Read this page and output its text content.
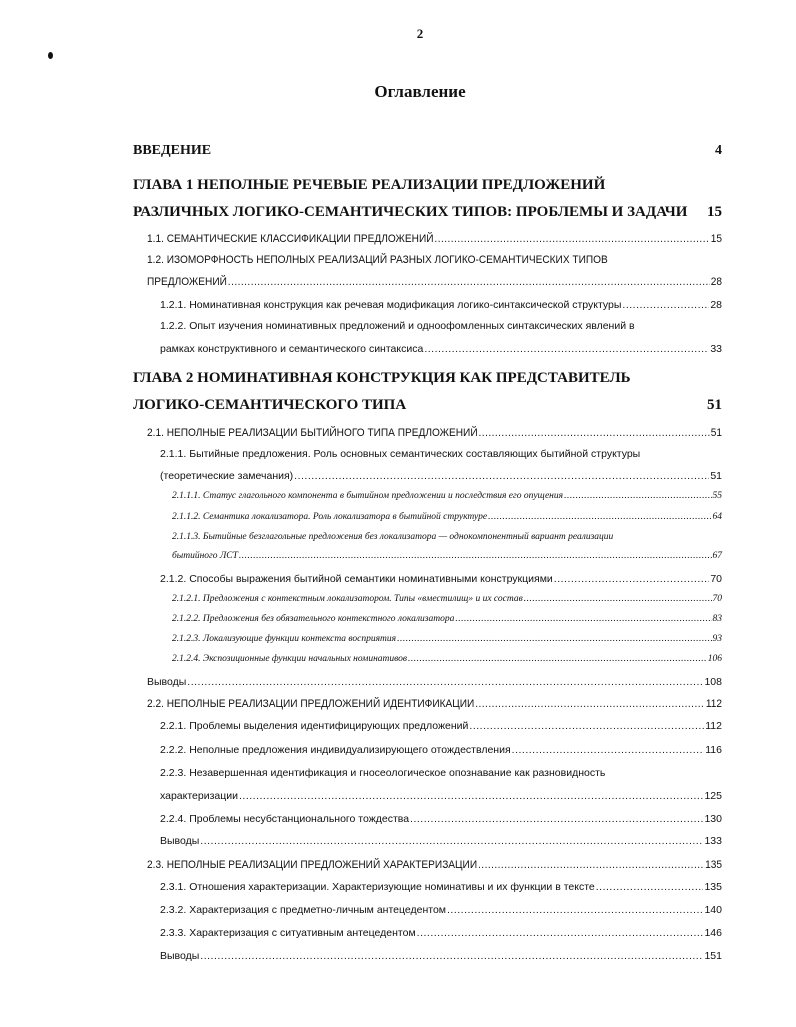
2
Оглавление
ВВЕДЕНИЕ	4
ГЛАВА 1 НЕПОЛНЫЕ РЕЧЕВЫЕ РЕАЛИЗАЦИИ ПРЕДЛОЖЕНИЙ
РАЗЛИЧНЫХ ЛОГИКО-СЕМАНТИЧЕСКИХ ТИПОВ: ПРОБЛЕМЫ И ЗАДАЧИ 15
1.1. СЕМАНТИЧЕСКИЕ КЛАССИФИКАЦИИ ПРЕДЛОЖЕНИЙ .....	15
1.2. ИЗОМОРФНОСТЬ НЕПОЛНЫХ РЕАЛИЗАЦИЙ РАЗНЫХ ЛОГИКО-СЕМАНТИЧЕСКИХ ТИПОВ
ПРЕДЛОЖЕНИЙ .....	28
1.2.1. Номинативная конструкция как речевая модификация логико-синтаксической структуры .....	28
1.2.2. Опыт изучения номинативных предложений и одноофомленных синтаксических явлений в
рамках конструктивного и семантического синтаксиса .....	33
ГЛАВА 2 НОМИНАТИВНАЯ КОНСТРУКЦИЯ КАК ПРЕДСТАВИТЕЛЬ
ЛОГИКО-СЕМАНТИЧЕСКОГО ТИПА	51
2.1. НЕПОЛНЫЕ РЕАЛИЗАЦИИ БЫТИЙНОГО ТИПА ПРЕДЛОЖЕНИЙ .....	51
2.1.1. Бытийные предложения. Роль основных семантических составляющих бытийной структуры
(теоретические замечания) .....	51
2.1.1.1. Статус глагольного компонента в бытийном предложении и последствия его опущения .....	55
2.1.1.2. Семантика локализатора. Роль локализатора в бытийной структуре .....	64
2.1.1.3. Бытийные безглагольные предложения без локализатора — однокомпонентный вариант реализации
бытийного ЛСТ .....	67
2.1.2. Способы выражения бытийной семантики номинативными конструкциями .....	70
2.1.2.1. Предложения с контекстным локализатором. Типы «вместилищ» и их состав .....	70
2.1.2.2. Предложения без обязательного контекстного локализатора .....	83
2.1.2.3. Локализующие функции контекста восприятия .....	93
2.1.2.4. Экспозиционные функции начальных номинативов .....	106
Выводы .....	108
2.2. НЕПОЛНЫЕ РЕАЛИЗАЦИИ ПРЕДЛОЖЕНИЙ ИДЕНТИФИКАЦИИ .....	112
2.2.1. Проблемы выделения идентифицирующих предложений .....	112
2.2.2. Неполные предложения индивидуализирующего отождествления .....	116
2.2.3. Незавершенная идентификация и гносеологическое опознавание как разновидность
характеризации .....	125
2.2.4. Проблемы несубстанционального тождества .....	130
Выводы .....	133
2.3. НЕПОЛНЫЕ РЕАЛИЗАЦИИ ПРЕДЛОЖЕНИЙ ХАРАКТЕРИЗАЦИИ .....	135
2.3.1. Отношения характеризации. Характеризующие номинативы и их функции в тексте .....	135
2.3.2. Характеризация с предметно-личным антецедентом .....	140
2.3.3. Характеризация с ситуативным антецедентом .....	146
Выводы .....	151
